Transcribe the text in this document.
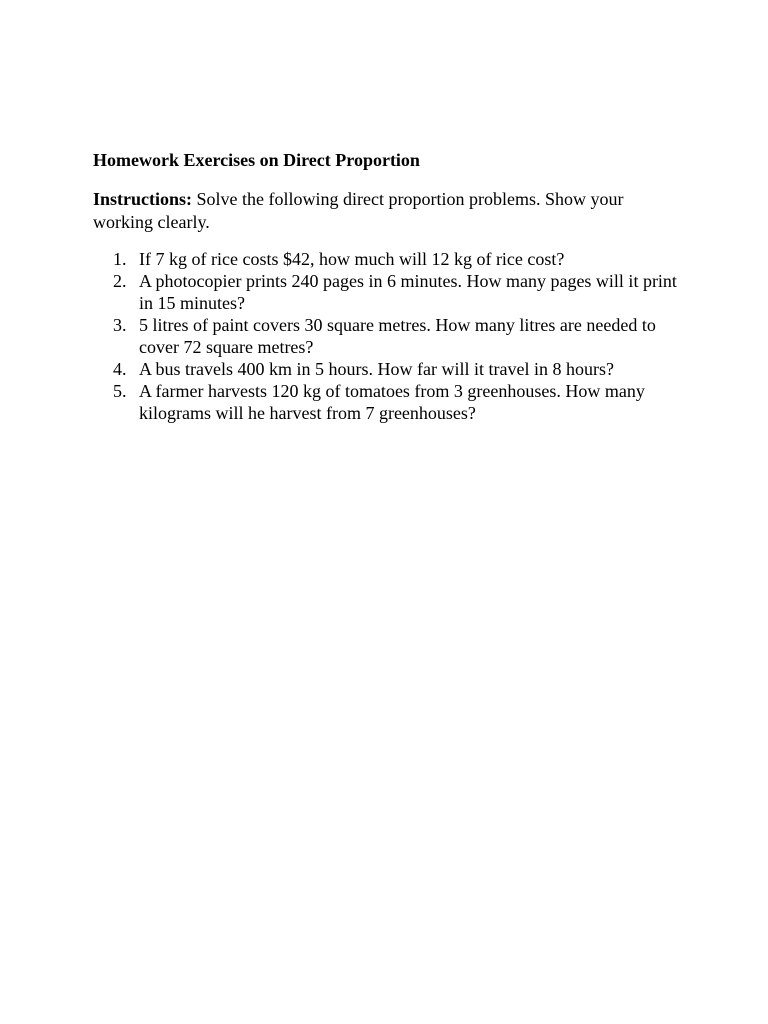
Homework Exercises on Direct Proportion

Instructions: Solve the following direct proportion problems. Show your working clearly.

1. If 7 kg of rice costs $42, how much will 12 kg of rice cost?
2. A photocopier prints 240 pages in 6 minutes. How many pages will it print in 15 minutes?
3. 5 litres of paint covers 30 square metres. How many litres are needed to cover 72 square metres?
4. A bus travels 400 km in 5 hours. How far will it travel in 8 hours?
5. A farmer harvests 120 kg of tomatoes from 3 greenhouses. How many kilograms will he harvest from 7 greenhouses?
